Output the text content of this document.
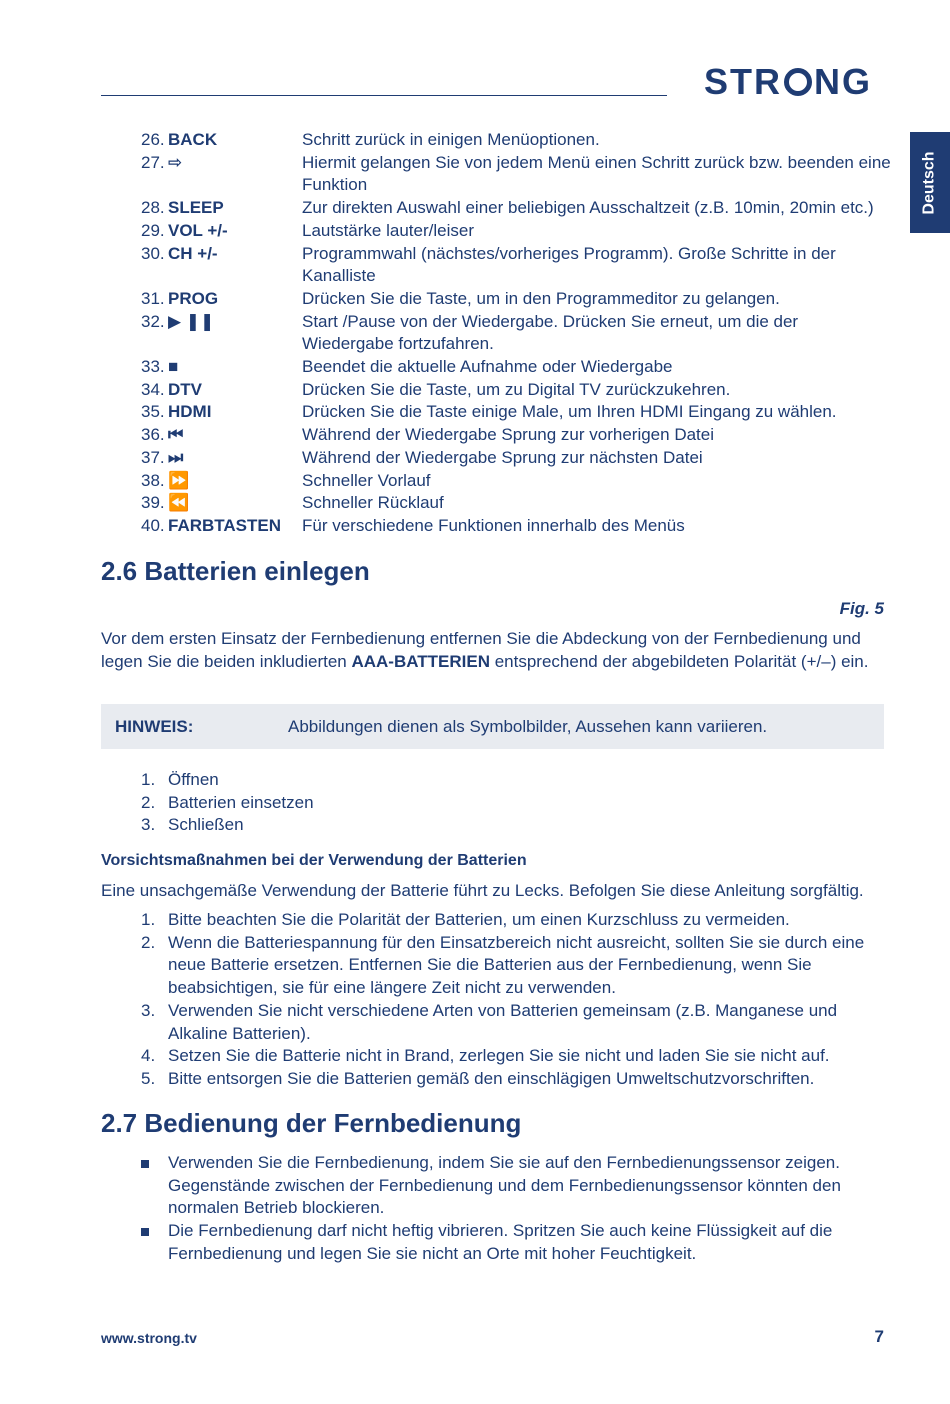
STR NG
Deutsch
26. BACK	Schritt zurück in einigen Menüoptionen.
27. ⇨	Hiermit gelangen Sie von jedem Menü einen Schritt zurück bzw. beenden eine Funktion
28. SLEEP	Zur direkten Auswahl einer beliebigen Ausschaltzeit (z.B. 10min, 20min etc.)
29. VOL +/-	Lautstärke lauter/leiser
30. CH +/-	Programmwahl (nächstes/vorheriges Programm). Große Schritte in der Kanalliste
31. PROG	Drücken Sie die Taste, um in den Programmeditor zu gelangen.
32. ▶ ❚❚	Start /Pause von der Wiedergabe. Drücken Sie erneut, um die der Wiedergabe fortzufahren.
33. ■	Beendet die aktuelle Aufnahme oder Wiedergabe
34. DTV	Drücken Sie die Taste, um zu Digital TV zurückzukehren.
35. HDMI	Drücken Sie die Taste einige Male, um Ihren HDMI Eingang zu wählen.
36. ⏮	Während der Wiedergabe Sprung zur vorherigen Datei
37. ⏭	Während der Wiedergabe Sprung zur nächsten Datei
38. ⏩	Schneller Vorlauf
39. ⏪	Schneller Rücklauf
40. FARBTASTEN	Für verschiedene Funktionen innerhalb des Menüs
2.6 Batterien einlegen
Fig. 5
Vor dem ersten Einsatz der Fernbedienung entfernen Sie die Abdeckung von der Fernbedienung und legen Sie die beiden inkludierten AAA-BATTERIEN entsprechend der abgebildeten Polarität (+/–) ein.
HINWEIS:	Abbildungen dienen als Symbolbilder, Aussehen kann variieren.
1. Öffnen
2. Batterien einsetzen
3. Schließen
Vorsichtsmaßnahmen bei der Verwendung der Batterien
Eine unsachgemäße Verwendung der Batterie führt zu Lecks. Befolgen Sie diese Anleitung sorgfältig.
1. Bitte beachten Sie die Polarität der Batterien, um einen Kurzschluss zu vermeiden.
2. Wenn die Batteriespannung für den Einsatzbereich nicht ausreicht, sollten Sie sie durch eine neue Batterie ersetzen. Entfernen Sie die Batterien aus der Fernbedienung, wenn Sie beabsichtigen, sie für eine längere Zeit nicht zu verwenden.
3. Verwenden Sie nicht verschiedene Arten von Batterien gemeinsam (z.B. Manganese und Alkaline Batterien).
4. Setzen Sie die Batterie nicht in Brand, zerlegen Sie sie nicht und laden Sie sie nicht auf.
5. Bitte entsorgen Sie die Batterien gemäß den einschlägigen Umweltschutzvorschriften.
2.7 Bedienung der Fernbedienung
Verwenden Sie die Fernbedienung, indem Sie sie auf den Fernbedienungssensor zeigen. Gegenstände zwischen der Fernbedienung und dem Fernbedienungssensor könnten den normalen Betrieb blockieren.
Die Fernbedienung darf nicht heftig vibrieren. Spritzen Sie auch keine Flüssigkeit auf die Fernbedienung und legen Sie sie nicht an Orte mit hoher Feuchtigkeit.
www.strong.tv	7
